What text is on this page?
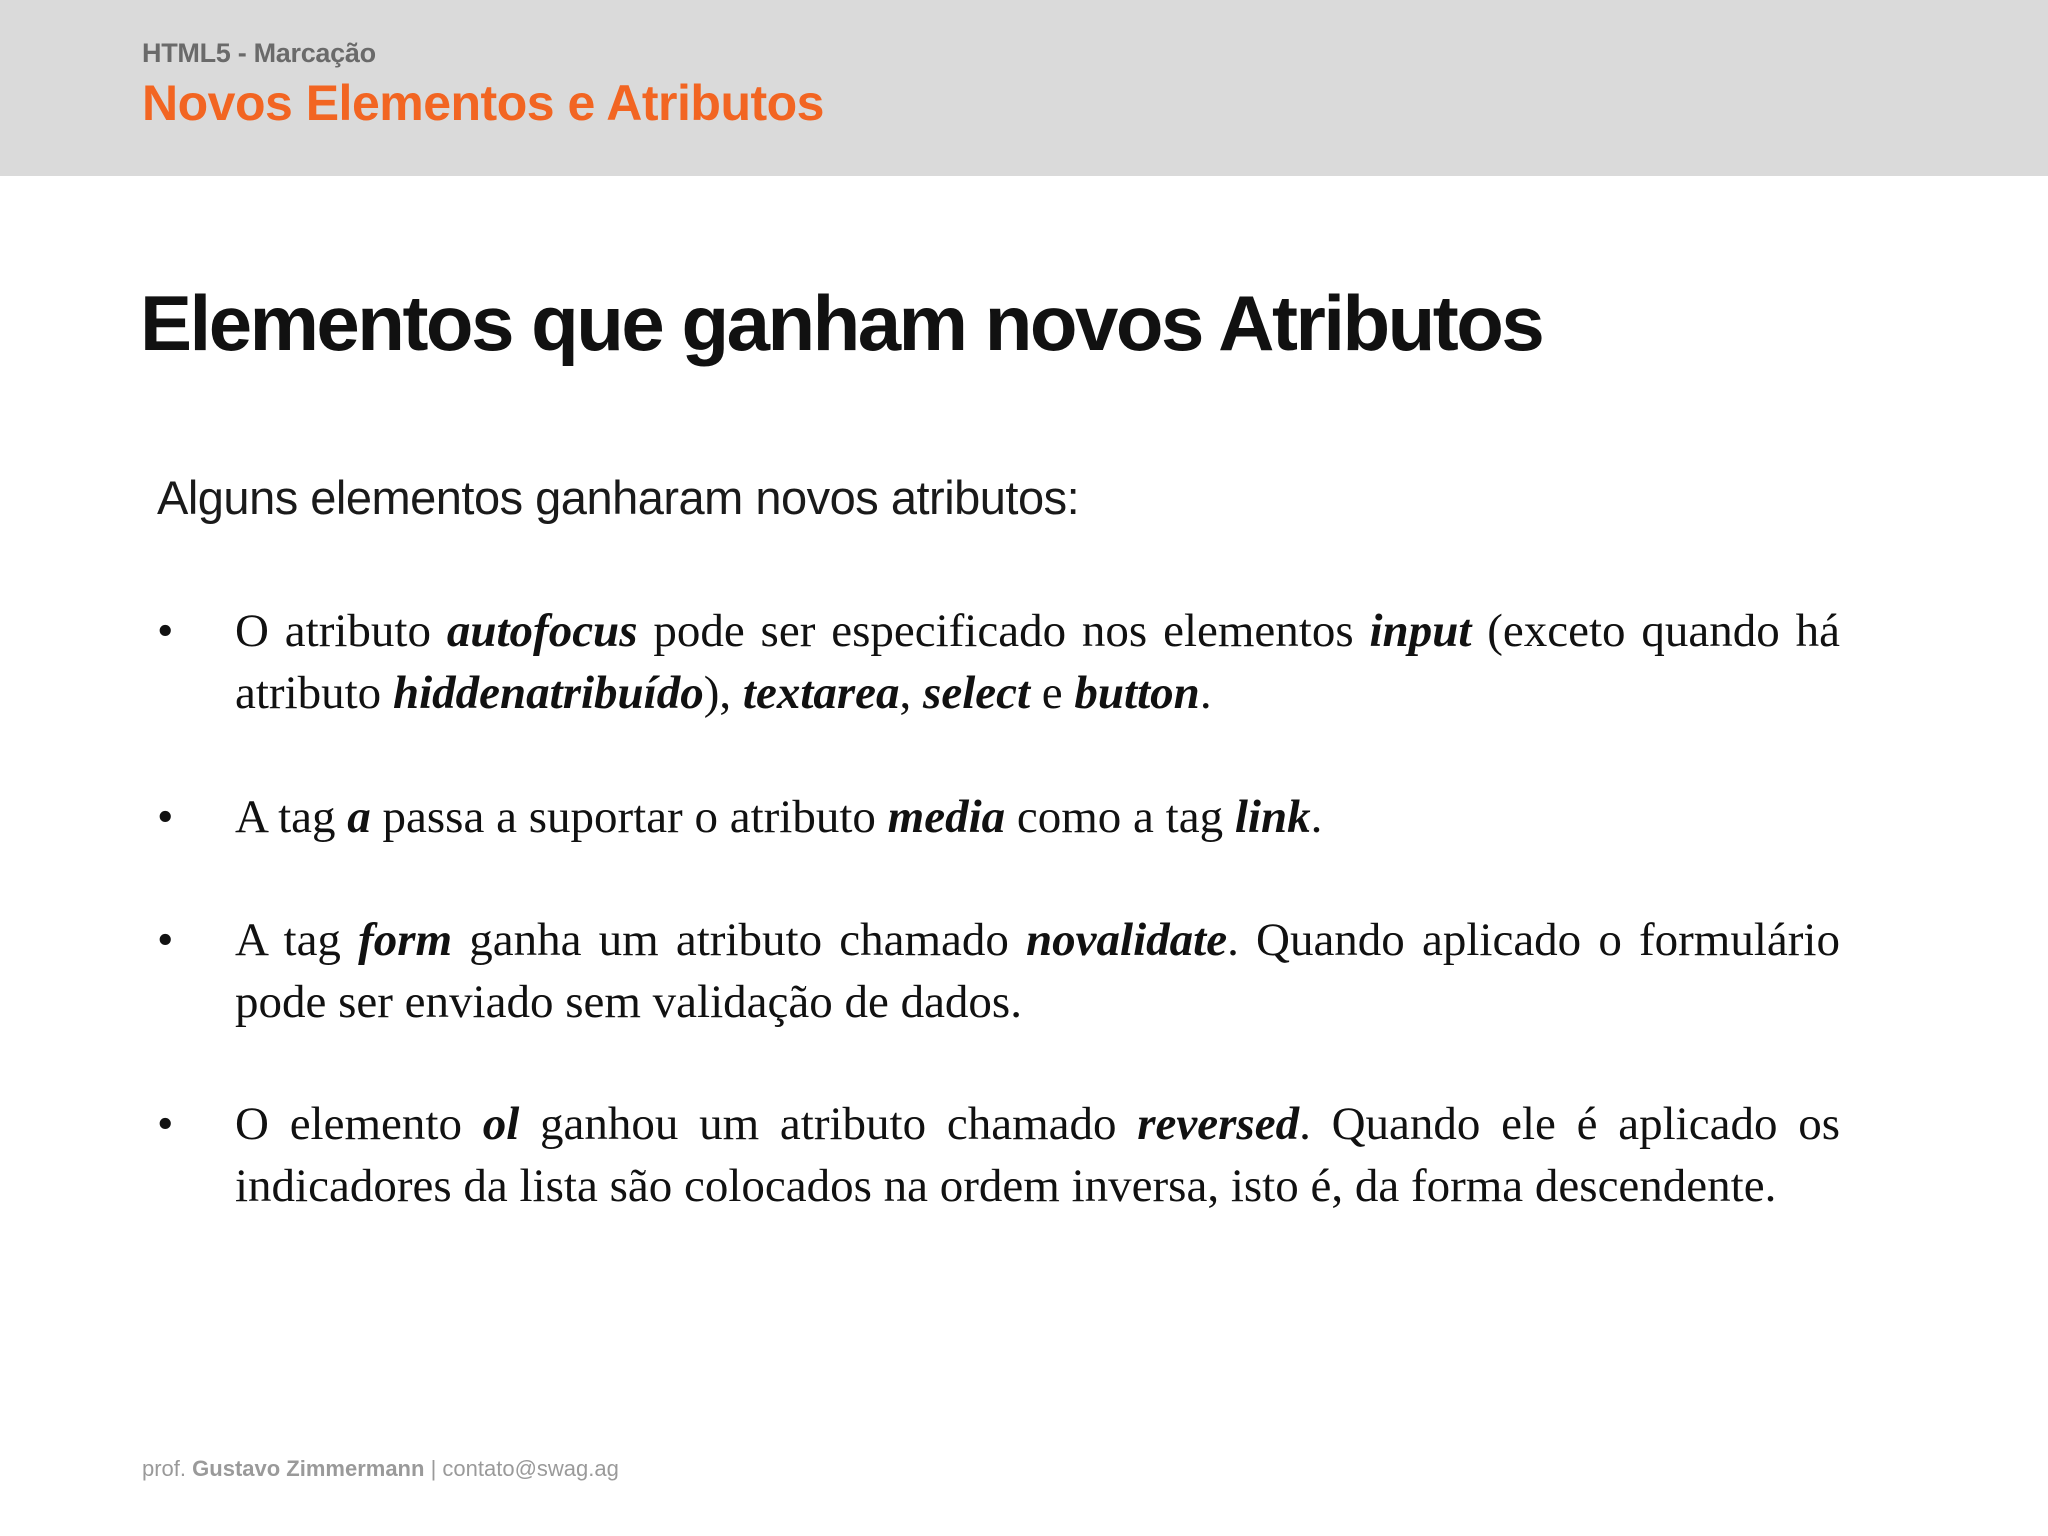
HTML5 - Marcação
Novos Elementos e Atributos
Elementos que ganham novos Atributos
Alguns elementos ganharam novos atributos:
• O atributo autofocus pode ser especificado nos elementos input (exceto quando há atributo hiddenatribuído), textarea, select e button.
• A tag a passa a suportar o atributo media como a tag link.
• A tag form ganha um atributo chamado novalidate. Quando aplicado o formulário pode ser enviado sem validação de dados.
• O elemento ol ganhou um atributo chamado reversed. Quando ele é aplicado os indicadores da lista são colocados na ordem inversa, isto é, da forma descendente.
prof. Gustavo Zimmermann | contato@swag.ag
